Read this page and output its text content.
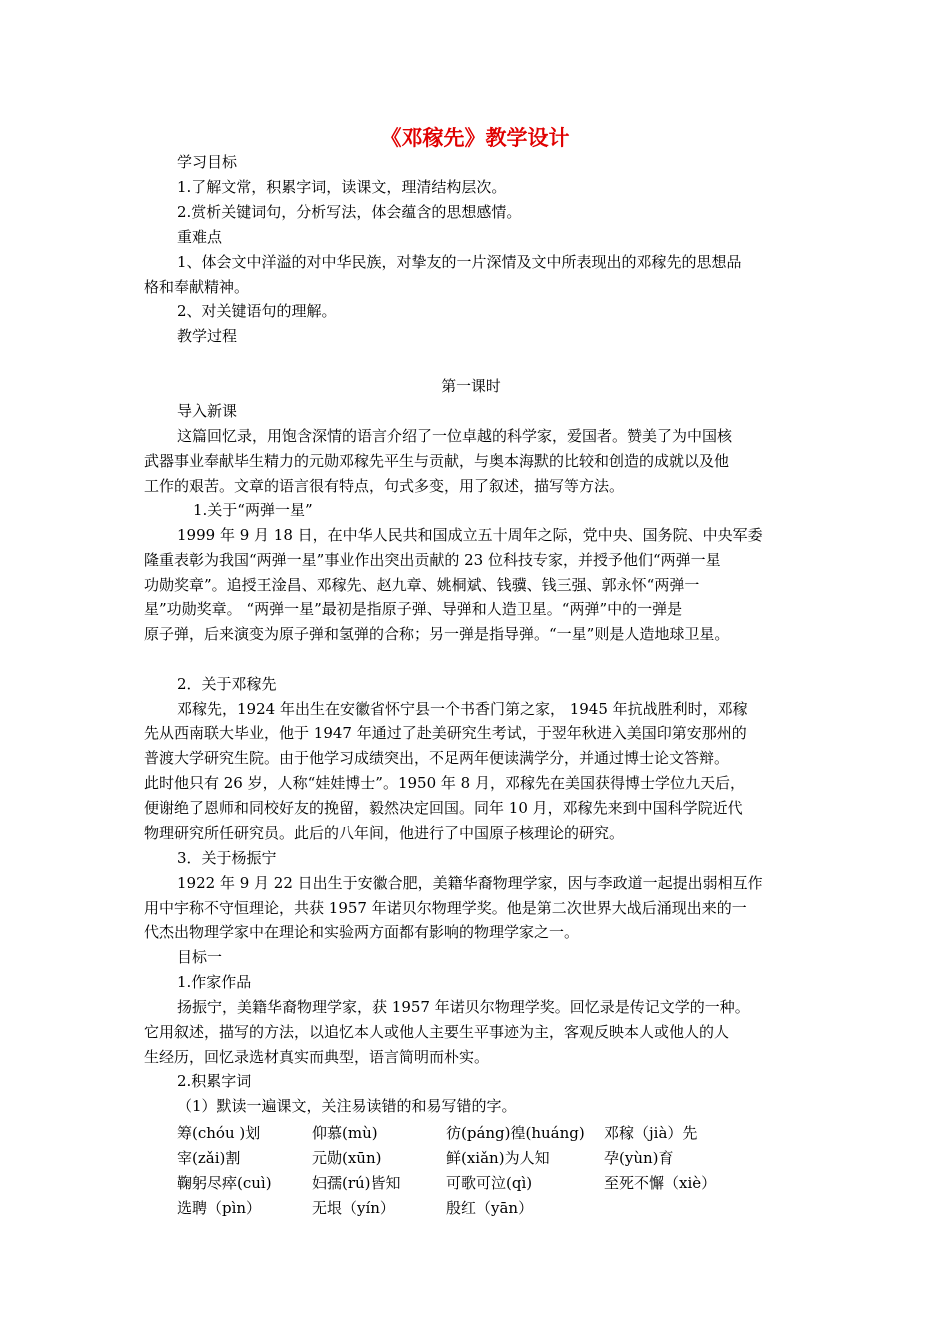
《邓稼先》教学设计
学习目标
1.了解文常，积累字词，读课文，理清结构层次。
2.赏析关键词句，分析写法，体会蕴含的思想感情。
重难点
1、体会文中洋溢的对中华民族，对挚友的一片深情及文中所表现出的邓稼先的思想品
格和奉献精神。
2、对关键语句的理解。
教学过程
第一课时
导入新课
这篇回忆录，用饱含深情的语言介绍了一位卓越的科学家，爱国者。赞美了为中国核
武器事业奉献毕生精力的元勋邓稼先平生与贡献，与奥本海默的比较和创造的成就以及他
工作的艰苦。文章的语言很有特点，句式多变，用了叙述，描写等方法。
1.关于“两弹一星”
1999 年 9 月 18 日，在中华人民共和国成立五十周年之际，党中央、国务院、中央军委
隆重表彰为我国“两弹一星”事业作出突出贡献的 23 位科技专家，并授予他们“两弹一星
功勋奖章”。追授王淦昌、邓稼先、赵九章、姚桐斌、钱骥、钱三强、郭永怀“两弹一
星”功勋奖章。 “两弹一星”最初是指原子弹、导弹和人造卫星。“两弹”中的一弹是
原子弹，后来演变为原子弹和氢弹的合称；另一弹是指导弹。“一星”则是人造地球卫星。
2．关于邓稼先
邓稼先，1924 年出生在安徽省怀宁县一个书香门第之家， 1945 年抗战胜利时，邓稼
先从西南联大毕业，他于 1947 年通过了赴美研究生考试，于翌年秋进入美国印第安那州的
普渡大学研究生院。由于他学习成绩突出，不足两年便读满学分，并通过博士论文答辩。
此时他只有 26 岁，人称“娃娃博士”。1950 年 8 月，邓稼先在美国获得博士学位九天后，
便谢绝了恩师和同校好友的挽留，毅然决定回国。同年 10 月，邓稼先来到中国科学院近代
物理研究所任研究员。此后的八年间，他进行了中国原子核理论的研究。
3．关于杨振宁
1922 年 9 月 22 日出生于安徽合肥，美籍华裔物理学家，因与李政道一起提出弱相互作
用中宇称不守恒理论，共获 1957 年诺贝尔物理学奖。他是第二次世界大战后涌现出来的一
代杰出物理学家中在理论和实验两方面都有影响的物理学家之一。
目标一
1.作家作品
扬振宁，美籍华裔物理学家，获 1957 年诺贝尔物理学奖。回忆录是传记文学的一种。
它用叙述，描写的方法，以追忆本人或他人主要生平事迹为主，客观反映本人或他人的人
生经历，回忆录选材真实而典型，语言简明而朴实。
2.积累字词
（1）默读一遍课文，关注易读错的和易写错的字。
筹(chóu )划	仰慕(mù)	彷(páng)徨(huáng) 邓稼（jià）先
宰(zǎi)割	元勋(xūn)	鲜(xiǎn)为人知	孕(yùn)育
鞠躬尽瘁(cuì)	妇孺(rú)皆知	可歌可泣(qì)	至死不懈（xiè）
选聘（pìn）	无垠（yín）	殷红（yān）
